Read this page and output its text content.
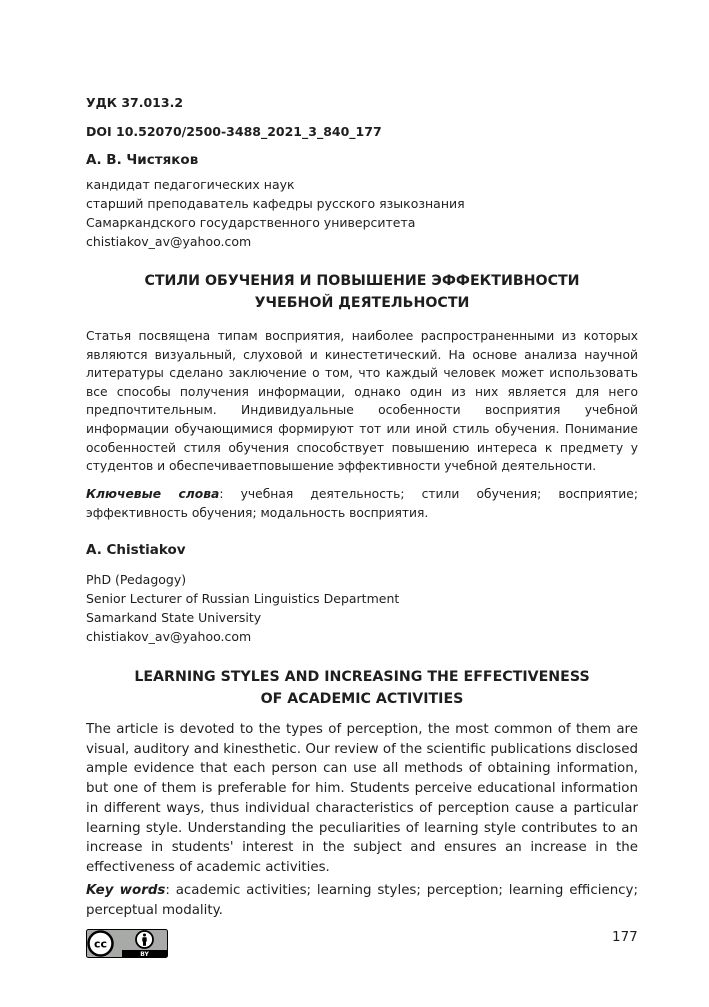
УДК 37.013.2
DOI 10.52070/2500-3488_2021_3_840_177
А. В. Чистяков
кандидат педагогических наук
старший преподаватель кафедры русского языкознания
Самаркандского государственного университета
chistiakov_av@yahoo.com
СТИЛИ ОБУЧЕНИЯ И ПОВЫШЕНИЕ ЭФФЕКТИВНОСТИ
УЧЕБНОЙ ДЕЯТЕЛЬНОСТИ

Статья посвящена типам восприятия, наиболее распространенными из которых являются визуальный, слуховой и кинестетический. На основе анализа научной литературы сделано заключение о том, что каждый человек может использовать все способы получения информации, однако один из них является для него предпочтительным. Индивидуальные особенности восприятия учебной информации обучающимися формируют тот или иной стиль обучения. Понимание особенностей стиля обучения способствует повышению интереса к предмету у студентов и обеспечиваетповышение эффективности учебной деятельности.

Ключевые слова: учебная деятельность; стили обучения; восприятие; эффективность обучения; модальность восприятия.

A. Chistiakov
PhD (Pedagogy)
Senior Lecturer of Russian Linguistics Department
Samarkand State University
chistiakov_av@yahoo.com
LEARNING STYLES AND INCREASING THE EFFECTIVENESS
OF ACADEMIC ACTIVITIES

The article is devoted to the types of perception, the most common of them are visual, auditory and kinesthetic. Our review of the scientific publications disclosed ample evidence that each person can use all methods of obtaining information, but one of them is preferable for him. Students perceive educational information in different ways, thus individual characteristics of perception cause a particular learning style. Understanding the peculiarities of learning style contributes to an increase in students' interest in the subject and ensures an increase in the effectiveness of academic activities.

Key words: academic activities; learning styles; perception; learning efficiency; perceptual modality.

BY
cc	177
